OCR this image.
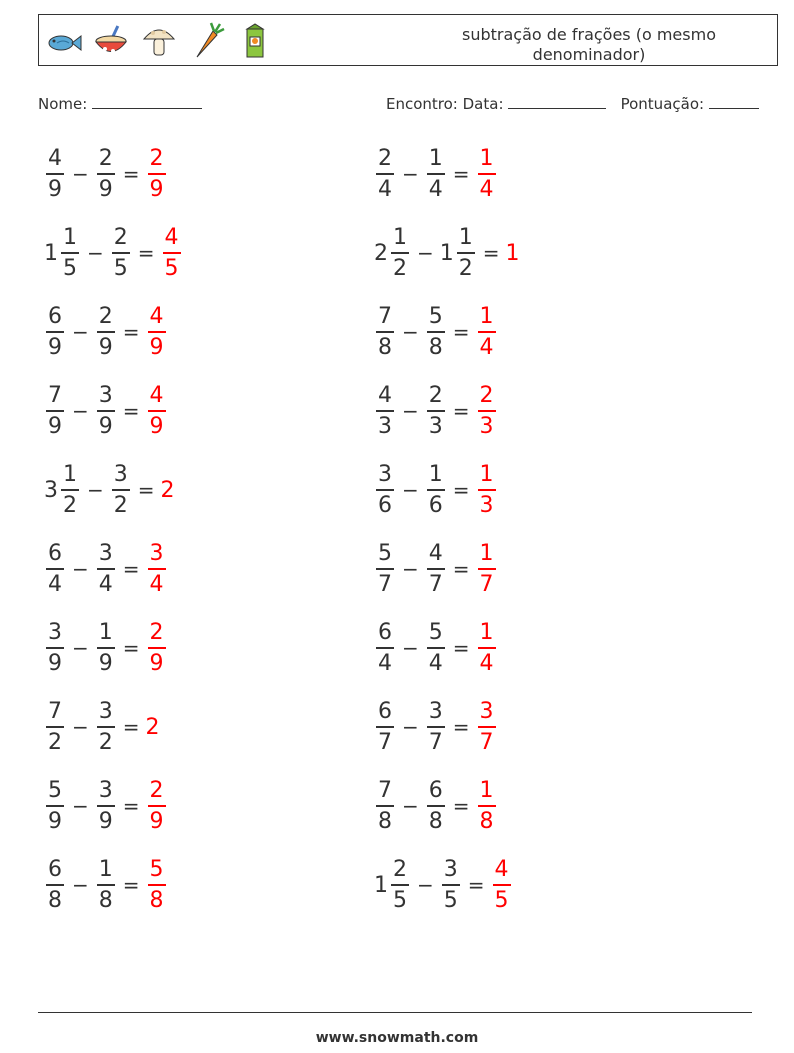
subtração de frações (o mesmo denominador)
Nome:	Encontro: Data:	Pontuação:
$\frac{4}{9} - \frac{2}{9} = \frac{2}{9}$	$\frac{2}{4} - \frac{1}{4} = \frac{1}{4}$
$1 \frac{1}{5} - \frac{2}{5} = \frac{4}{5}$	$2 \frac{1}{2} - 1 \frac{1}{2} = 1$
$\frac{6}{9} - \frac{2}{9} = \frac{4}{9}$	$\frac{7}{8} - \frac{5}{8} = \frac{1}{4}$
$\frac{7}{9} - \frac{3}{9} = \frac{4}{9}$	$\frac{4}{3} - \frac{2}{3} = \frac{2}{3}$
$3 \frac{1}{2} - \frac{3}{2} = 2$	$\frac{3}{6} - \frac{1}{6} = \frac{1}{3}$
$\frac{6}{4} - \frac{3}{4} = \frac{3}{4}$	$\frac{5}{7} - \frac{4}{7} = \frac{1}{7}$
$\frac{3}{9} - \frac{1}{9} = \frac{2}{9}$	$\frac{6}{4} - \frac{5}{4} = \frac{1}{4}$
$\frac{7}{2} - \frac{3}{2} = 2$	$\frac{6}{7} - \frac{3}{7} = \frac{3}{7}$
$\frac{5}{9} - \frac{3}{9} = \frac{2}{9}$	$\frac{7}{8} - \frac{6}{8} = \frac{1}{8}$
$\frac{6}{8} - \frac{1}{8} = \frac{5}{8}$	$1 \frac{2}{5} - \frac{3}{5} = \frac{4}{5}$
www.snowmath.com
